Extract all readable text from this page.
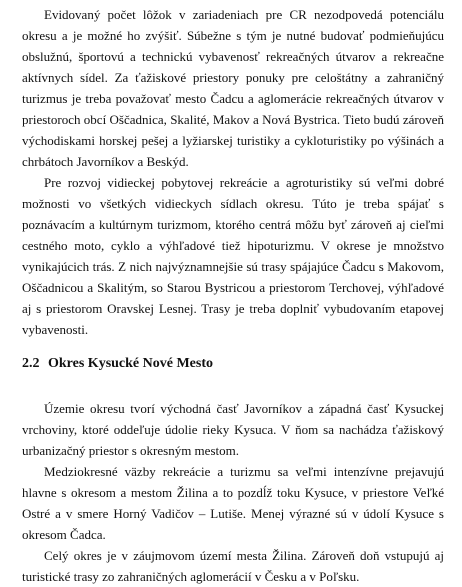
Evidovaný počet lôžok v zariadeniach pre CR nezodpovedá potenciálu okresu a je možné ho zvýšiť. Súbežne s tým je nutné budovať podmieňujúcu obslužnú, športovú a technickú vybavenosť rekreačných útvarov a rekreačne aktívnych sídel. Za ťažiskové priestory ponuky pre celoštátny a zahraničný turizmus je treba považovať mesto Čadcu a aglomerácie rekreačných útvarov v priestoroch obcí Oščadnica, Skalité, Makov a Nová Bystrica. Tieto budú zároveň východiskami horskej pešej a lyžiarskej turistiky a cykloturistiky po výšinách a chrbátoch Javorníkov a Beskýd.

Pre rozvoj vidieckej pobytovej rekreácie a agroturistiky sú veľmi dobré možnosti vo všetkých vidieckych sídlach okresu. Túto je treba spájať s poznávacím a kultúrnym turizmom, ktorého centrá môžu byť zároveň aj cieľmi cestného moto, cyklo a výhľadové tiež hipoturizmu. V okrese je množstvo vynikajúcich trás. Z nich najvýznamnejšie sú trasy spájajúce Čadcu s Makovom, Oščadnicou a Skalitým, so Starou Bystricou a priestorom Terchovej, výhľadové aj s priestorom Oravskej Lesnej. Trasy je treba doplniť vybudovaním etapovej vybavenosti.

2.2 Okres Kysucké Nové Mesto

Územie okresu tvorí východná časť Javorníkov a západná časť Kysuckej vrchoviny, ktoré oddeľuje údolie rieky Kysuca. V ňom sa nachádza ťažiskový urbanizačný priestor s okresným mestom.

Medziokresné väzby rekreácie a turizmu sa veľmi intenzívne prejavujú hlavne s okresom a mestom Žilina a to pozdĺž toku Kysuce, v priestore Veľké Ostré a v smere Horný Vadičov – Lutiše. Menej výrazné sú v údolí Kysuce s okresom Čadca.

Celý okres je v záujmovom území mesta Žilina. Zároveň doň vstupujú aj turistické trasy zo zahraničných aglomerácií v Česku a v Poľsku.
